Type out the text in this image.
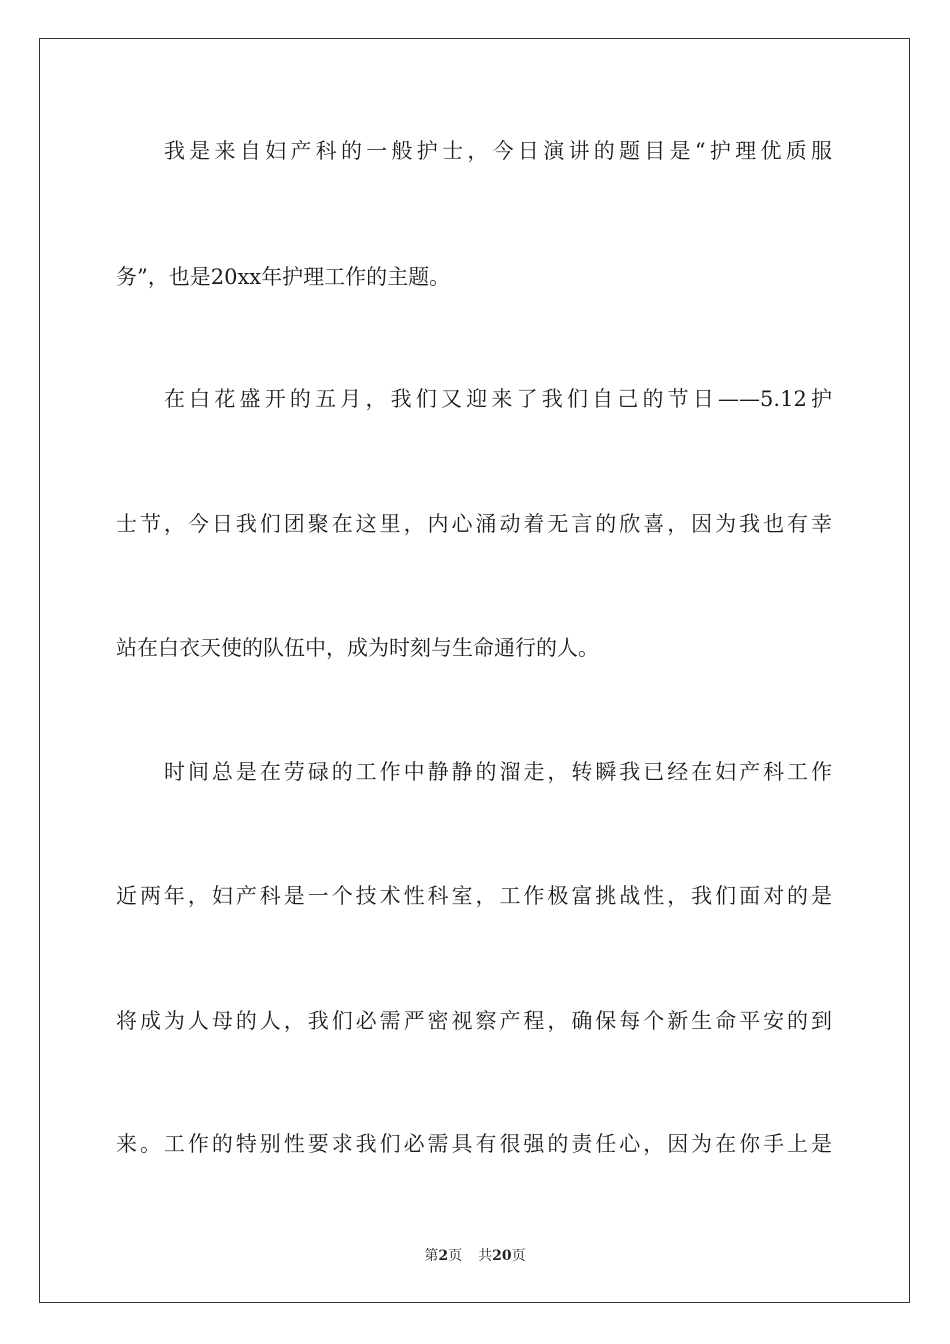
我是来自妇产科的一般护士，今日演讲的题目是“护理优质服
务”，也是20xx年护理工作的主题。
在白花盛开的五月，我们又迎来了我们自己的节日——5.12护
士节，今日我们团聚在这里，内心涌动着无言的欣喜，因为我也有幸
站在白衣天使的队伍中，成为时刻与生命通行的人。
时间总是在劳碌的工作中静静的溜走，转瞬我已经在妇产科工作
近两年，妇产科是一个技术性科室，工作极富挑战性，我们面对的是
将成为人母的人，我们必需严密视察产程，确保每个新生命平安的到
来。工作的特别性要求我们必需具有很强的责任心，因为在你手上是
第2页 共20页
